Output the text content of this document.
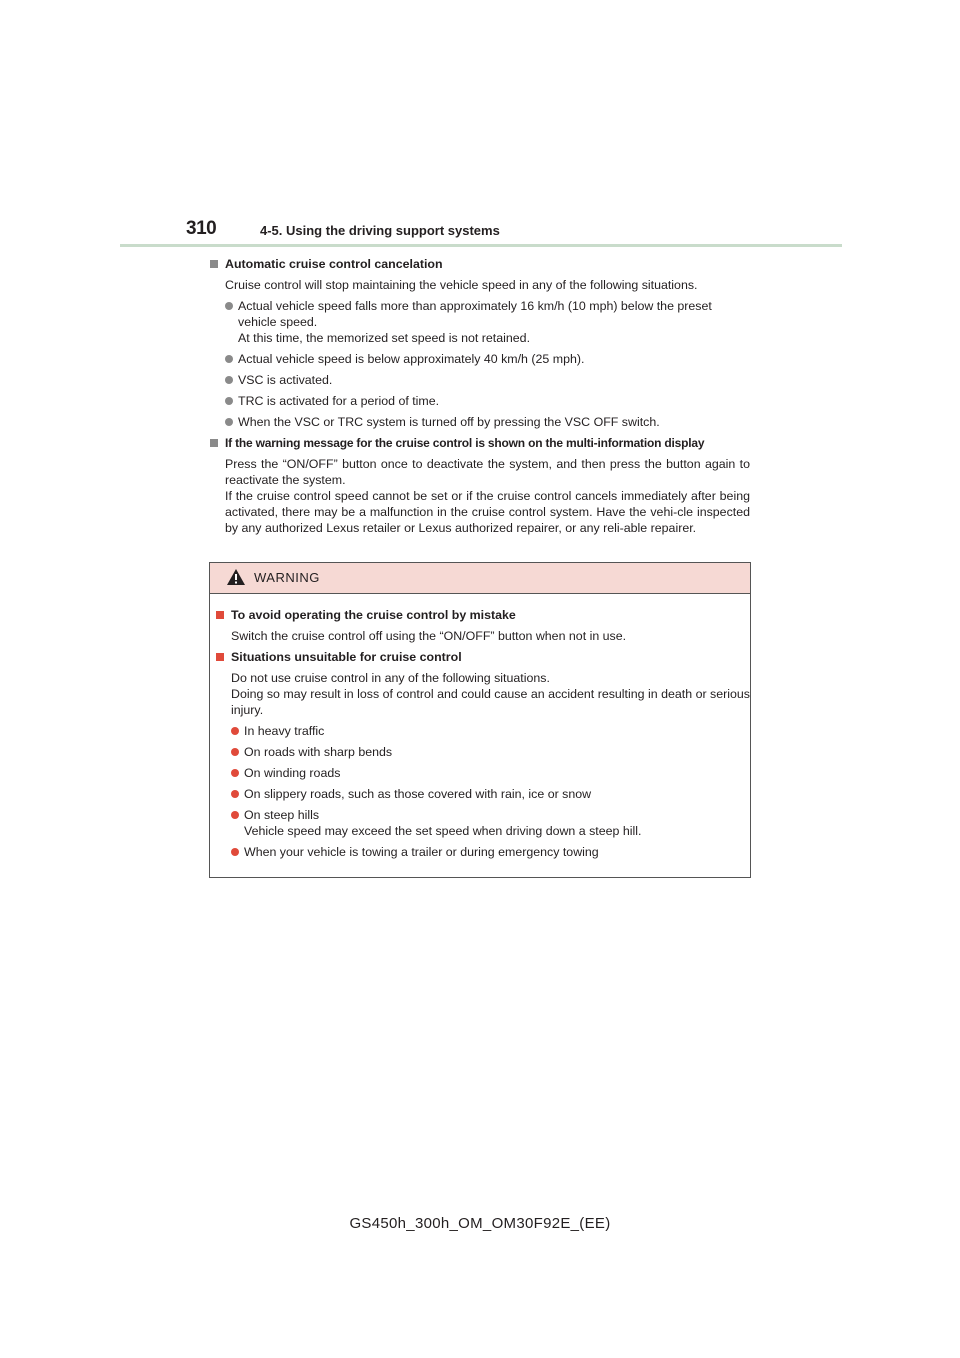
310	4-5. Using the driving support systems
Automatic cruise control cancelation
Cruise control will stop maintaining the vehicle speed in any of the following situations.
Actual vehicle speed falls more than approximately 16 km/h (10 mph) below the preset
vehicle speed.
At this time, the memorized set speed is not retained.
Actual vehicle speed is below approximately 40 km/h (25 mph).
VSC is activated.
TRC is activated for a period of time.
When the VSC or TRC system is turned off by pressing the VSC OFF switch.
If the warning message for the cruise control is shown on the multi-information display
Press the “ON/OFF” button once to deactivate the system, and then press the button again to reactivate the system.
If the cruise control speed cannot be set or if the cruise control cancels immediately after being activated, there may be a malfunction in the cruise control system. Have the vehi-cle inspected by any authorized Lexus retailer or Lexus authorized repairer, or any reli-able repairer.
WARNING
To avoid operating the cruise control by mistake
Switch the cruise control off using the “ON/OFF” button when not in use.
Situations unsuitable for cruise control
Do not use cruise control in any of the following situations.
Doing so may result in loss of control and could cause an accident resulting in death or serious injury.
In heavy traffic
On roads with sharp bends
On winding roads
On slippery roads, such as those covered with rain, ice or snow
On steep hills
Vehicle speed may exceed the set speed when driving down a steep hill.
When your vehicle is towing a trailer or during emergency towing
GS450h_300h_OM_OM30F92E_(EE)
